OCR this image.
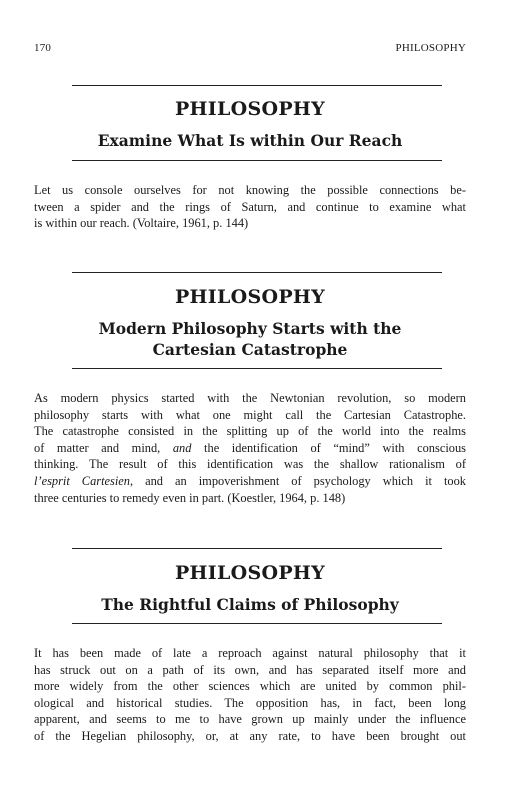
170	PHILOSOPHY
PHILOSOPHY
Examine What Is within Our Reach
Let us console ourselves for not knowing the possible connections be-
tween a spider and the rings of Saturn, and continue to examine what
is within our reach. (Voltaire, 1961, p. 144)
PHILOSOPHY
Modern Philosophy Starts with the
Cartesian Catastrophe
As modern physics started with the Newtonian revolution, so modern
philosophy starts with what one might call the Cartesian Catastrophe.
The catastrophe consisted in the splitting up of the world into the realms
of matter and mind, and the identification of “mind” with conscious
thinking. The result of this identification was the shallow rationalism of
l’esprit Cartesien, and an impoverishment of psychology which it took
three centuries to remedy even in part. (Koestler, 1964, p. 148)
PHILOSOPHY
The Rightful Claims of Philosophy
It has been made of late a reproach against natural philosophy that it
has struck out on a path of its own, and has separated itself more and
more widely from the other sciences which are united by common phil-
ological and historical studies. The opposition has, in fact, been long
apparent, and seems to me to have grown up mainly under the influence
of the Hegelian philosophy, or, at any rate, to have been brought out
